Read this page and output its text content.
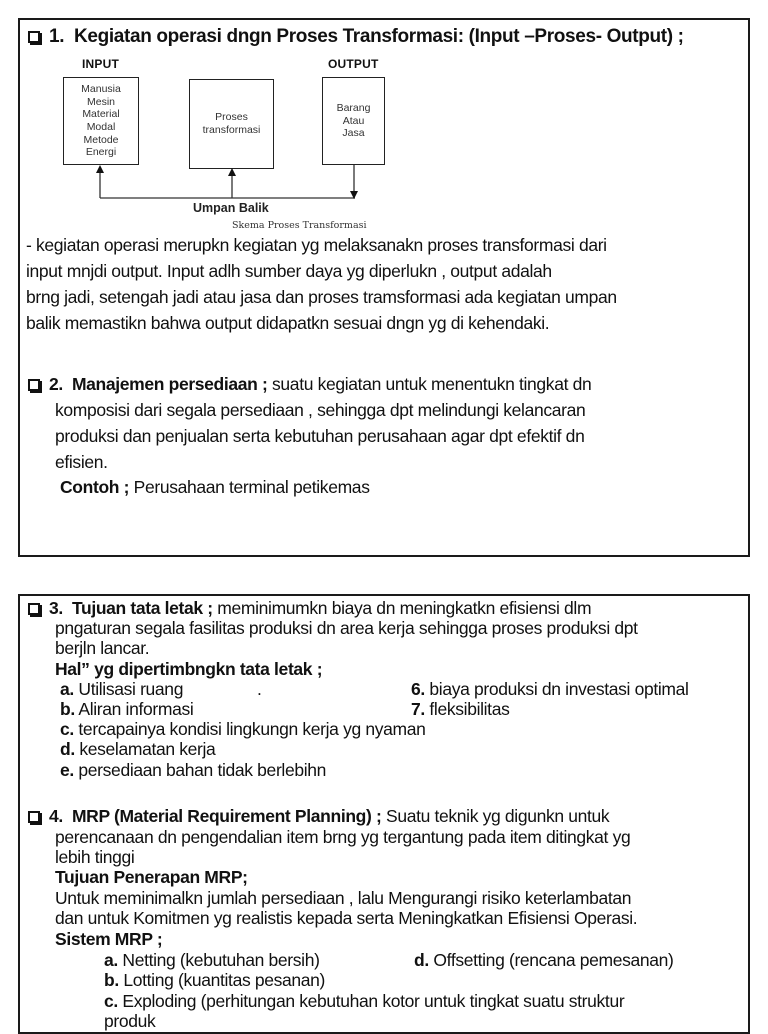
1. Kegiatan operasi dngn Proses Transformasi: (Input –Proses- Output) ;
INPUT	OUTPUT
Manusia
Mesin
Material
Modal
Metode
Energi
Proses
transformasi
Barang
Atau
Jasa
Umpan Balik
Skema Proses Transformasi
- kegiatan operasi merupkn kegiatan yg melaksanakn proses transformasi dari
input mnjdi output. Input adlh sumber daya yg diperlukn , output adalah
brng jadi, setengah jadi atau jasa dan proses tramsformasi ada kegiatan umpan
balik memastikn bahwa output didapatkn sesuai dngn yg di kehendaki.
2. Manajemen persediaan ; suatu kegiatan untuk menentukn tingkat dn
komposisi dari segala persediaan , sehingga dpt melindungi kelancaran
produksi dan penjualan serta kebutuhan perusahaan agar dpt efektif dn
efisien.
Contoh ; Perusahaan terminal petikemas
3. Tujuan tata letak ; meminimumkn biaya dn meningkatkn efisiensi dlm
pngaturan segala fasilitas produksi dn area kerja sehingga proses produksi dpt
berjln lancar.
Hal” yg dipertimbngkn tata letak ;
a. Utilisasi ruang	.
b. Aliran informasi
c. tercapainya kondisi lingkungn kerja yg nyaman
d. keselamatan kerja
e. persediaan bahan tidak berlebihn
6. biaya produksi dn investasi optimal
7. fleksibilitas
4. MRP (Material Requirement Planning) ; Suatu teknik yg digunkn untuk
perencanaan dn pengendalian item brng yg tergantung pada item ditingkat yg
lebih tinggi
Tujuan Penerapan MRP;
Untuk meminimalkn jumlah persediaan , lalu Mengurangi risiko keterlambatan
dan untuk Komitmen yg realistis kepada serta Meningkatkan Efisiensi Operasi.
Sistem MRP ;
a. Netting (kebutuhan bersih)	d. Offsetting (rencana pemesanan)
b. Lotting (kuantitas pesanan)
c. Exploding (perhitungan kebutuhan kotor untuk tingkat suatu struktur
produk
